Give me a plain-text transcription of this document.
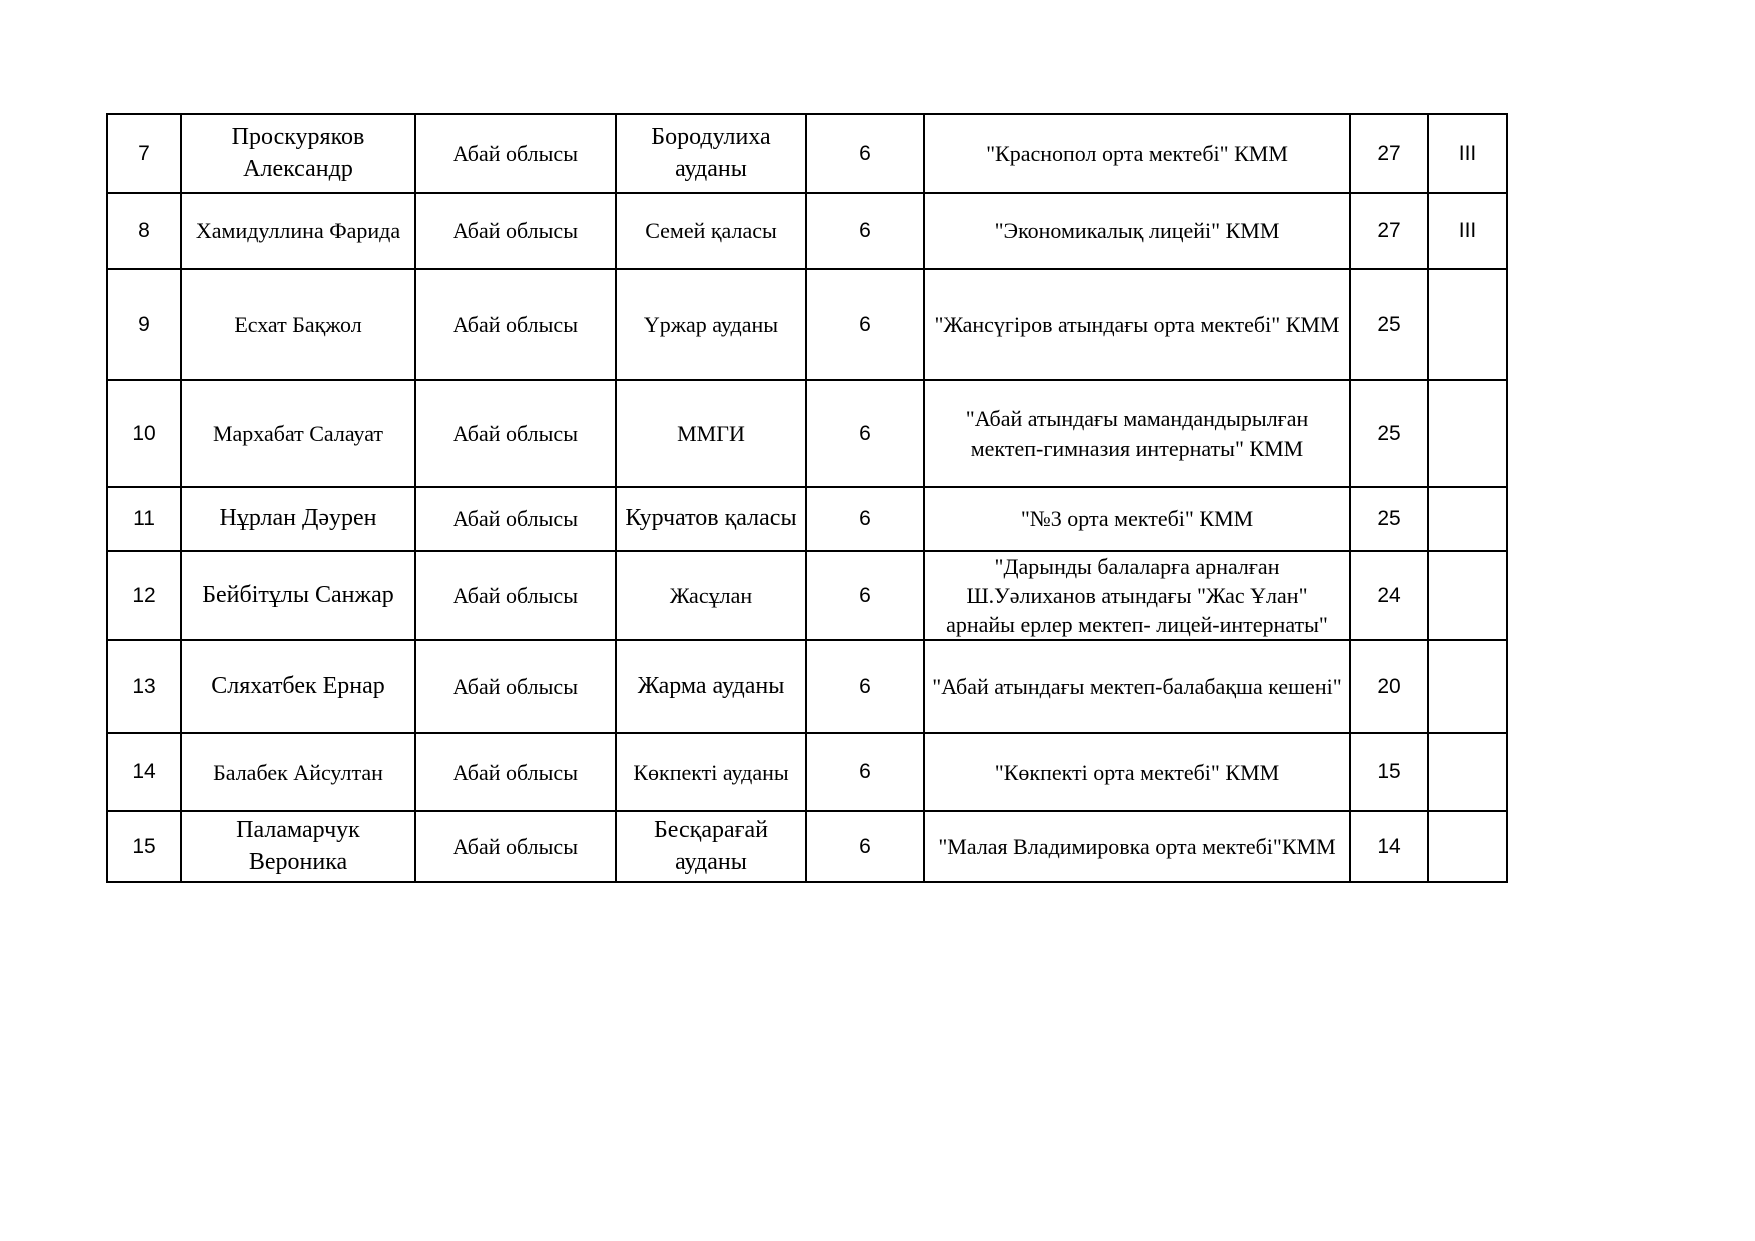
7	Проскуряков Александр	Абай облысы	Бородулиха ауданы	6	"Краснопол орта мектебі" КММ	27	III
8	Хамидуллина Фарида	Абай облысы	Семей қаласы	6	"Экономикалық лицейі" КММ	27	III
9	Есхат Бақжол	Абай облысы	Үржар ауданы	6	"Жансүгіров атындағы орта мектебі" КММ	25	
10	Мархабат Салауат	Абай облысы	ММГИ	6	"Абай атындағы мамандандырылған мектеп-гимназия интернаты" КММ	25	
11	Нұрлан Дәурен	Абай облысы	Курчатов қаласы	6	"№3 орта мектебі" КММ	25	
12	Бейбітұлы Санжар	Абай облысы	Жасұлан	6	"Дарынды балаларға арналған Ш.Уәлиханов атындағы "Жас Ұлан" арнайы ерлер мектеп- лицей-интернаты"	24	
13	Сляхатбек Ернар	Абай облысы	Жарма ауданы	6	"Абай атындағы мектеп-балабақша кешені"	20	
14	Балабек Айсултан	Абай облысы	Көкпекті ауданы	6	"Көкпекті орта мектебі" КММ	15	
15	Паламарчук Вероника	Абай облысы	Бесқарағай ауданы	6	"Малая Владимировка орта мектебі"КММ	14	
